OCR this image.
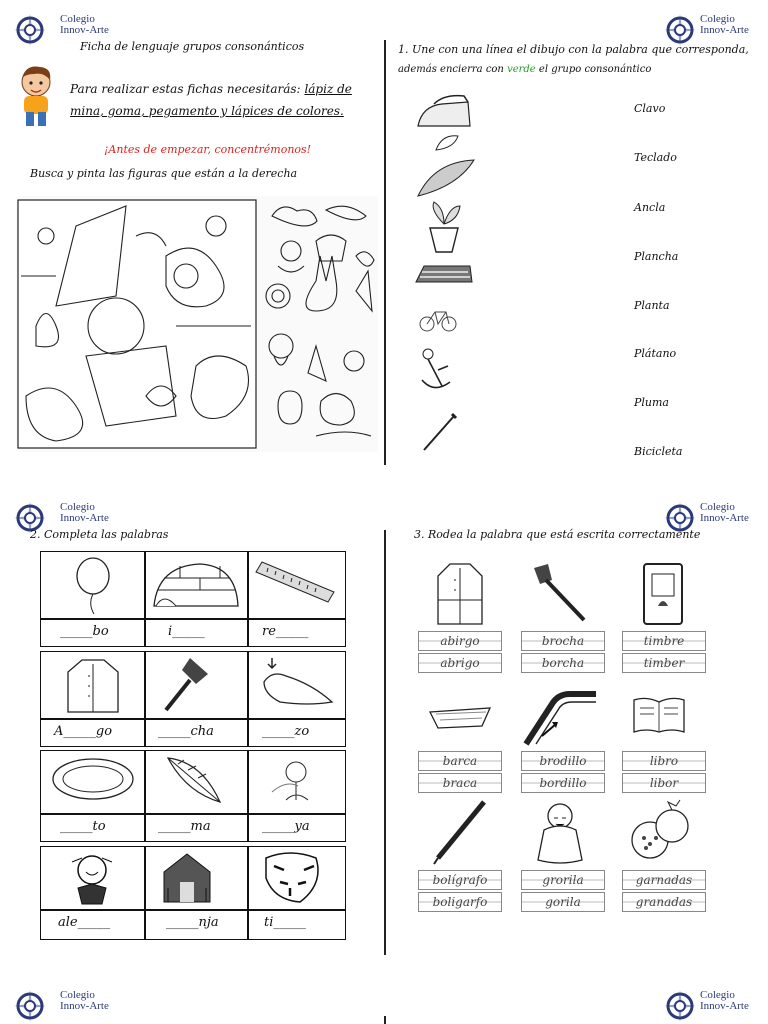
Colegio
Innov-Arte
Colegio
Innov-Arte
Colegio
Innov-Arte
Colegio
Innov-Arte
Colegio
Innov-Arte
Colegio
Innov-Arte
Ficha de lenguaje grupos consonánticos
Para realizar estas fichas necesitarás: lápiz de mina, goma, pegamento y lápices de colores.
¡Antes de empezar, concentrémonos!
Busca y pinta las figuras que están a la derecha
1. Une con una línea el dibujo con la palabra que corresponda,
además encierra con verde el grupo consonántico
Clavo
Teclado
Ancla
Plancha
Planta
Plátano
Pluma
Bicicleta
2. Completa las palabras
_____bo	i_____	re_____
A_____go	_____cha	_____zo
_____to	_____ma	_____ya
ale_____	_____nja	ti_____
3. Rodea la palabra que está escrita correctamente
abirgo
abrigo
brocha
borcha
timbre
timber
barca
braca
brodillo
bordillo
libro
libor
bolígrafo
boligarfo
grorila
gorila
garnadas
granadas
